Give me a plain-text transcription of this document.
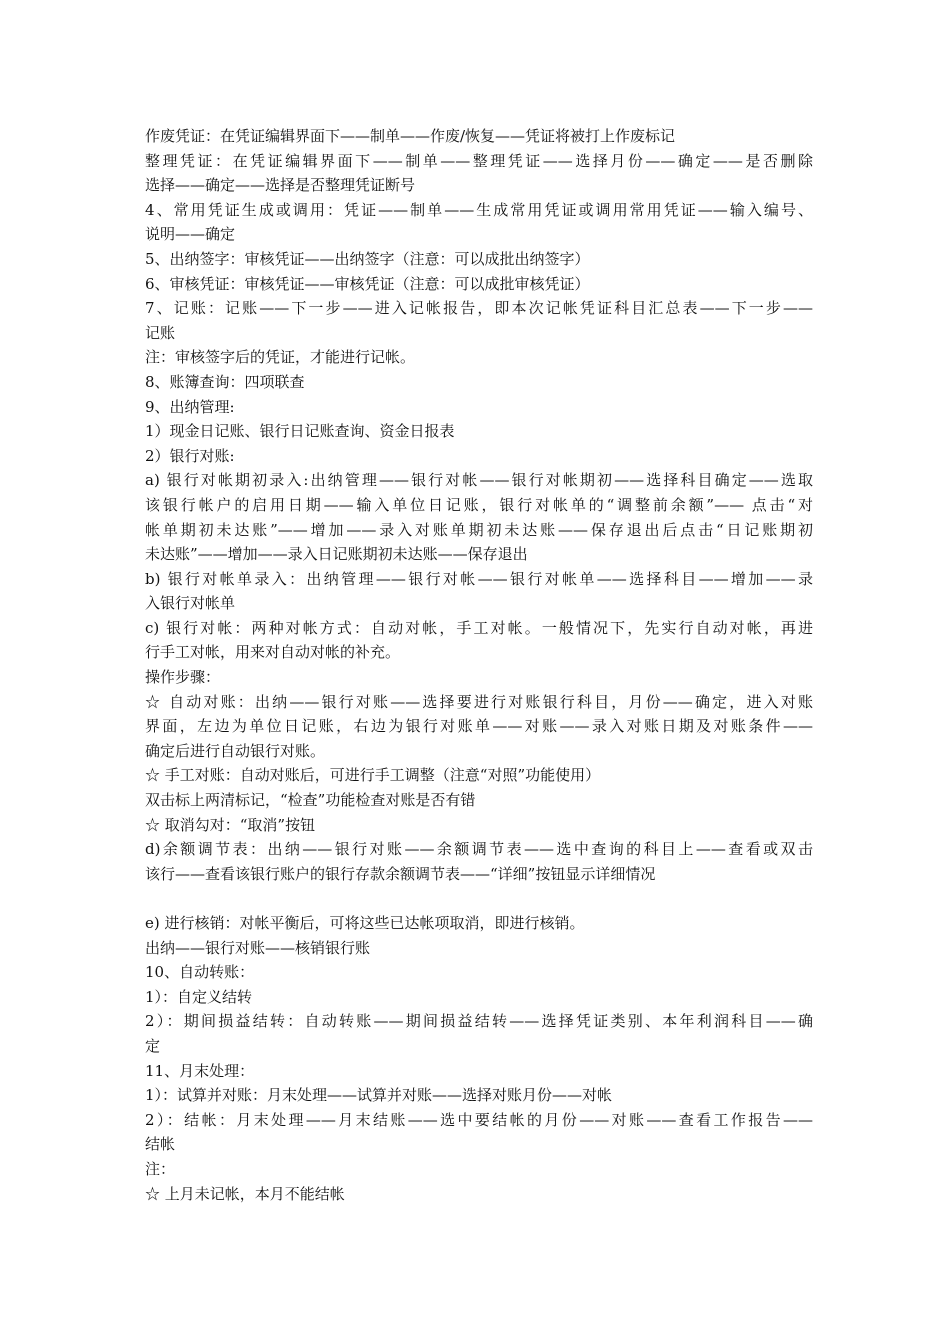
作废凭证：在凭证编辑界面下——制单——作废/恢复——凭证将被打上作废标记
整理凭证：在凭证编辑界面下——制单——整理凭证——选择月份——确定——是否删除
选择——确定——选择是否整理凭证断号
4、常用凭证生成或调用：凭证——制单——生成常用凭证或调用常用凭证——输入编号、
说明——确定
5、出纳签字：审核凭证——出纳签字（注意：可以成批出纳签字）
6、审核凭证：审核凭证——审核凭证（注意：可以成批审核凭证）
7、记账：记账——下一步——进入记帐报告，即本次记帐凭证科目汇总表——下一步——
记账
注：审核签字后的凭证，才能进行记帐。
8、账簿查询：四项联查
9、出纳管理:
1）现金日记账、银行日记账查询、资金日报表
2）银行对账:
a) 银行对帐期初录入:出纳管理——银行对帐——银行对帐期初——选择科目确定——选取
该银行帐户的启用日期——输入单位日记账，银行对帐单的“调整前余额”—— 点击“对
帐单期初未达账”——增加——录入对账单期初未达账——保存退出后点击“日记账期初
未达账”——增加——录入日记账期初未达账——保存退出
b) 银行对帐单录入：出纳管理——银行对帐——银行对帐单——选择科目——增加——录
入银行对帐单
c) 银行对帐：两种对帐方式：自动对帐，手工对帐。一般情况下，先实行自动对帐，再进
行手工对帐，用来对自动对帐的补充。
操作步骤：
☆ 自动对账：出纳——银行对账——选择要进行对账银行科目，月份——确定，进入对账
界面，左边为单位日记账，右边为银行对账单——对账——录入对账日期及对账条件——
确定后进行自动银行对账。
☆ 手工对账：自动对账后，可进行手工调整（注意“对照”功能使用）
双击标上两清标记，“检查”功能检查对账是否有错
☆ 取消勾对：“取消”按钮
d)余额调节表：出纳——银行对账——余额调节表——选中查询的科目上——查看或双击
该行——查看该银行账户的银行存款余额调节表——“详细”按钮显示详细情况
e) 进行核销：对帐平衡后，可将这些已达帐项取消，即进行核销。
出纳——银行对账——核销银行账
10、自动转账：
1）：自定义结转
2）：期间损益结转：自动转账——期间损益结转——选择凭证类别、本年利润科目——确
定
11、月末处理：
1）：试算并对账：月末处理——试算并对账——选择对账月份——对帐
2）：结帐：月末处理——月末结账——选中要结帐的月份——对账——查看工作报告——
结帐
注：
☆ 上月未记帐，本月不能结帐
